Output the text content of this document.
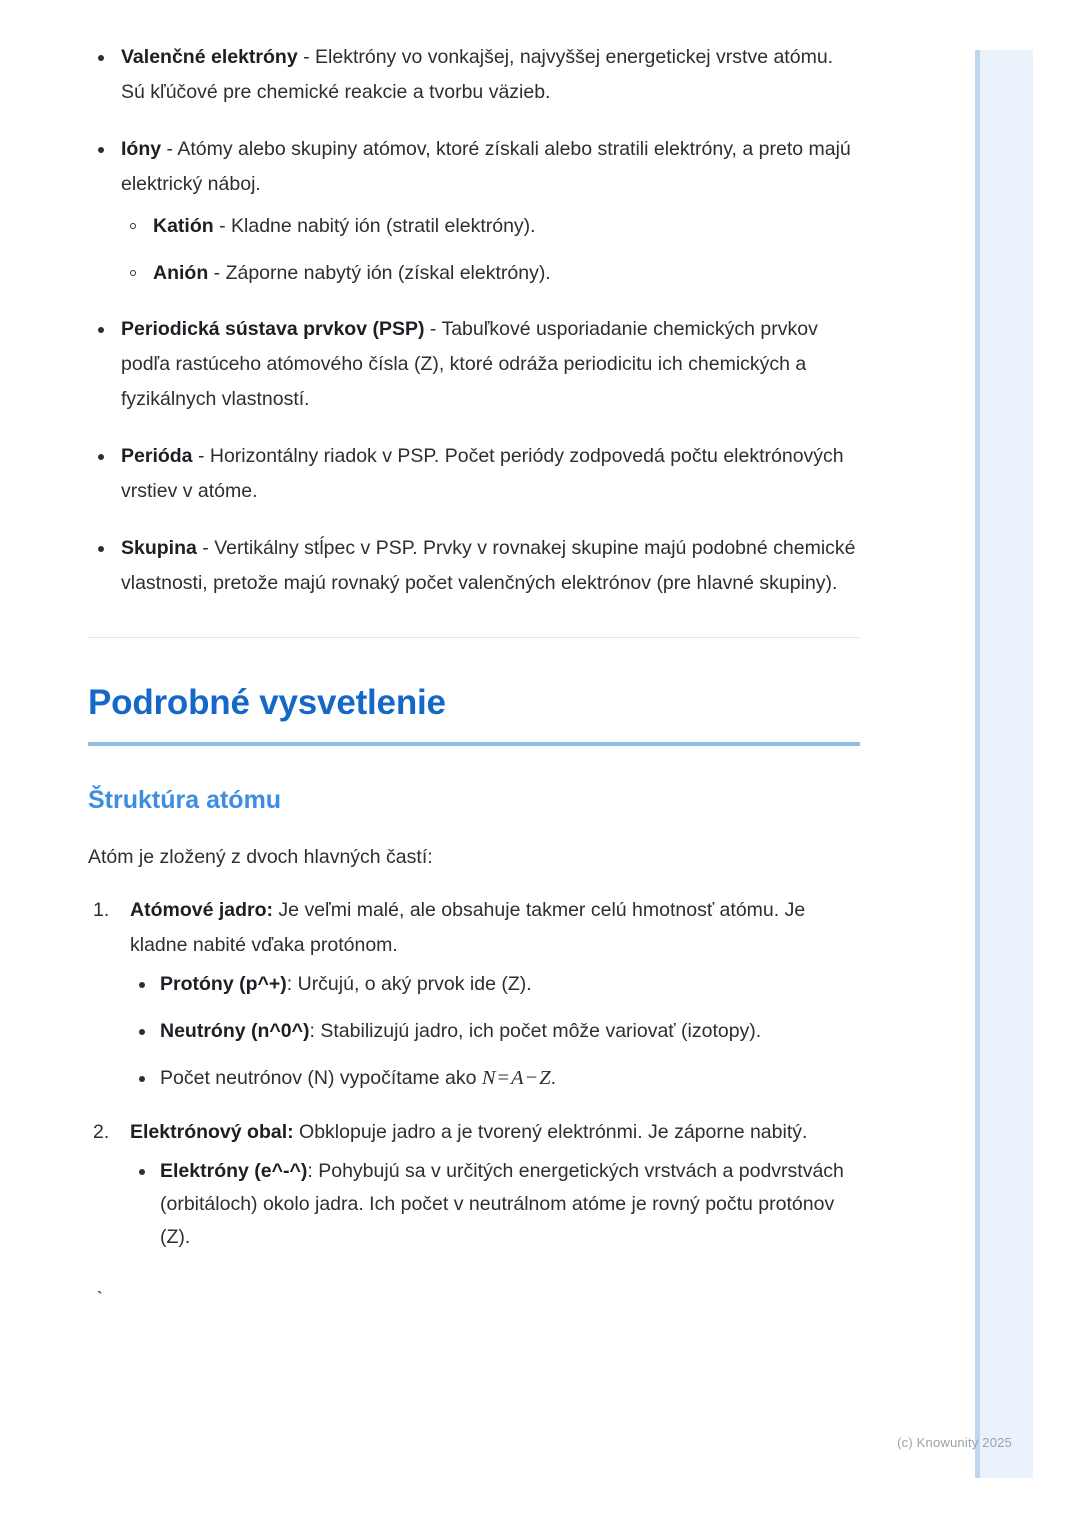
Valenčné elektróny - Elektróny vo vonkajšej, najvyššej energetickej vrstve atómu. Sú kľúčové pre chemické reakcie a tvorbu väzieb.
Ióny - Atómy alebo skupiny atómov, ktoré získali alebo stratili elektróny, a preto majú elektrický náboj.
Katión - Kladne nabitý ión (stratil elektróny).
Anión - Záporne nabytý ión (získal elektróny).
Periodická sústava prvkov (PSP) - Tabuľkové usporiadanie chemických prvkov podľa rastúceho atómového čísla (Z), ktoré odráža periodicitu ich chemických a fyzikálnych vlastností.
Perióda - Horizontálny riadok v PSP. Počet periódy zodpovedá počtu elektrónových vrstiev v atóme.
Skupina - Vertikálny stĺpec v PSP. Prvky v rovnakej skupine majú podobné chemické vlastnosti, pretože majú rovnaký počet valenčných elektrónov (pre hlavné skupiny).
Podrobné vysvetlenie
Štruktúra atómu

Atóm je zložený z dvoch hlavných častí:

Atómové jadro: Je veľmi malé, ale obsahuje takmer celú hmotnosť atómu. Je kladne nabité vďaka protónom.
Protóny (p^+): Určujú, o aký prvok ide (Z).
Neutróny (n^0^): Stabilizujú jadro, ich počet môže variovať (izotopy).
Počet neutrónov (N) vypočítame ako N=A−Z.
Elektrónový obal: Obklopuje jadro a je tvorený elektrónmi. Je záporne nabitý.
Elektróny (e^-^): Pohybujú sa v určitých energetických vrstvách a podvrstvách (orbitáloch) okolo jadra. Ich počet v neutrálnom atóme je rovný počtu protónov (Z).
`
(c) Knowunity 2025
